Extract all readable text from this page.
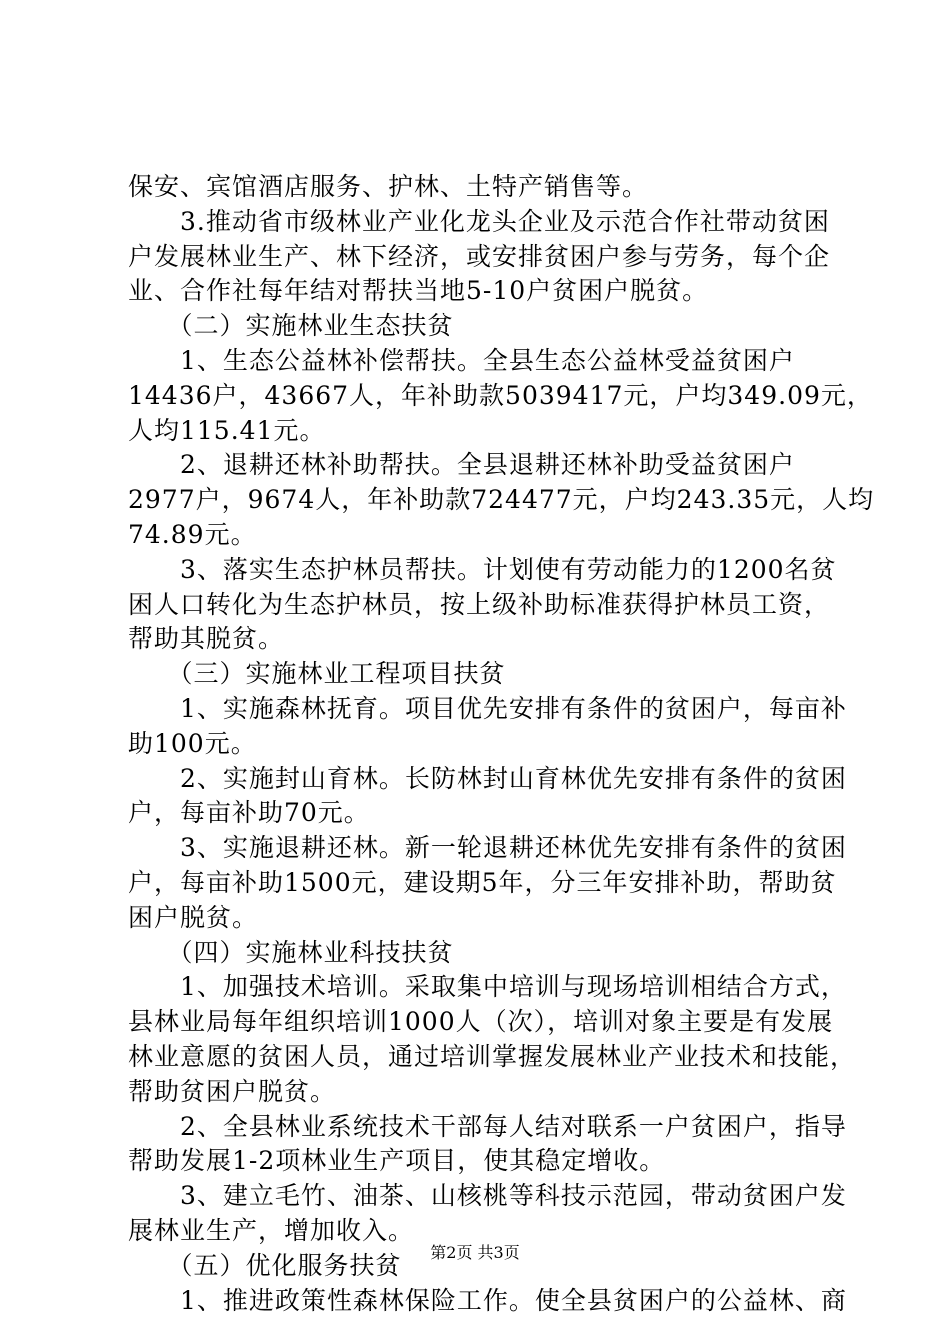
保安、宾馆酒店服务、护林、土特产销售等。
　　3.推动省市级林业产业化龙头企业及示范合作社带动贫困
户发展林业生产、林下经济，或安排贫困户参与劳务，每个企
业、合作社每年结对帮扶当地5-10户贫困户脱贫。
　　（二）实施林业生态扶贫
　　1、生态公益林补偿帮扶。全县生态公益林受益贫困户
14436户，43667人，年补助款5039417元，户均349.09元，
人均115.41元。
　　2、退耕还林补助帮扶。全县退耕还林补助受益贫困户
2977户，9674人，年补助款724477元，户均243.35元，人均
74.89元。
　　3、落实生态护林员帮扶。计划使有劳动能力的1200名贫
困人口转化为生态护林员，按上级补助标准获得护林员工资，
帮助其脱贫。
　　（三）实施林业工程项目扶贫
　　1、实施森林抚育。项目优先安排有条件的贫困户，每亩补
助100元。
　　2、实施封山育林。长防林封山育林优先安排有条件的贫困
户，每亩补助70元。
　　3、实施退耕还林。新一轮退耕还林优先安排有条件的贫困
户，每亩补助1500元，建设期5年，分三年安排补助，帮助贫
困户脱贫。
　　（四）实施林业科技扶贫
　　1、加强技术培训。采取集中培训与现场培训相结合方式，
县林业局每年组织培训1000人（次），培训对象主要是有发展
林业意愿的贫困人员，通过培训掌握发展林业产业技术和技能，
帮助贫困户脱贫。
　　2、全县林业系统技术干部每人结对联系一户贫困户，指导
帮助发展1-2项林业生产项目，使其稳定增收。
　　3、建立毛竹、油茶、山核桃等科技示范园，带动贫困户发
展林业生产，增加收入。
　　（五）优化服务扶贫
　　1、推进政策性森林保险工作。使全县贫困户的公益林、商
第2页 共3页
